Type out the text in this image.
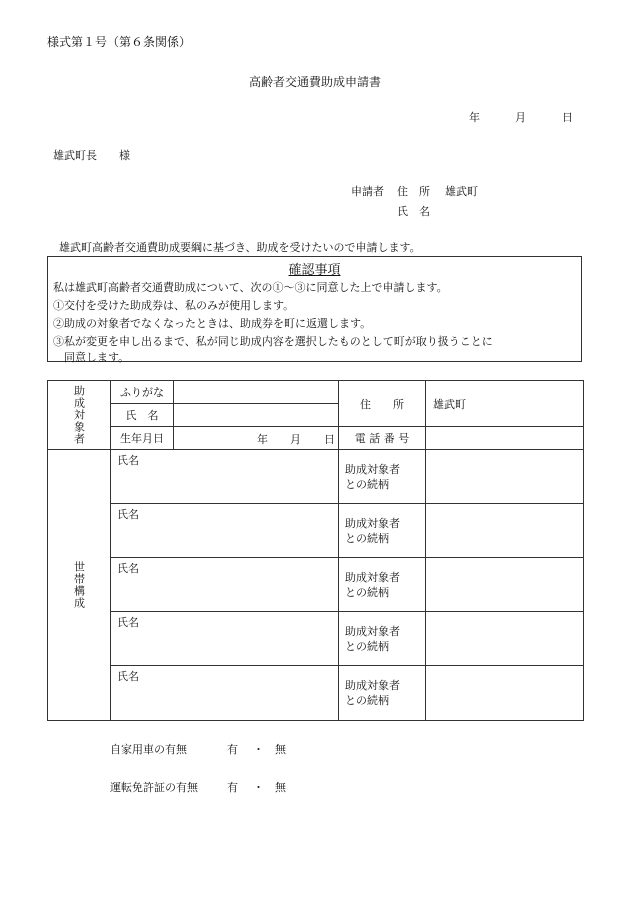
様式第１号（第６条関係）
高齢者交通費助成申請書
年	月	日
雄武町長　　様
申請者 住　所 雄武町
氏　名
雄武町高齢者交通費助成要綱に基づき、助成を受けたいので申請します。
確認事項
私は雄武町高齢者交通費助成について、次の①～③に同意した上で申請します。
①交付を受けた助成券は、私のみが使用します。
②助成の対象者でなくなったときは、助成券を町に返還します。
③私が変更を申し出るまで、私が同じ助成内容を選択したものとして町が取り扱うことに
　同意します。
助成対象者	ふりがな		住　　所	雄武町
	氏　名			
	生年月日	年 月 日	電 話 番 号	

世帯構成	氏名		助成対象者
との続柄	
	氏名		助成対象者
との続柄	
	氏名		助成対象者
との続柄	
	氏名		助成対象者
との続柄	
	氏名		助成対象者
との続柄	
自家用車の有無	有 ・ 無
運転免許証の有無	有 ・ 無
